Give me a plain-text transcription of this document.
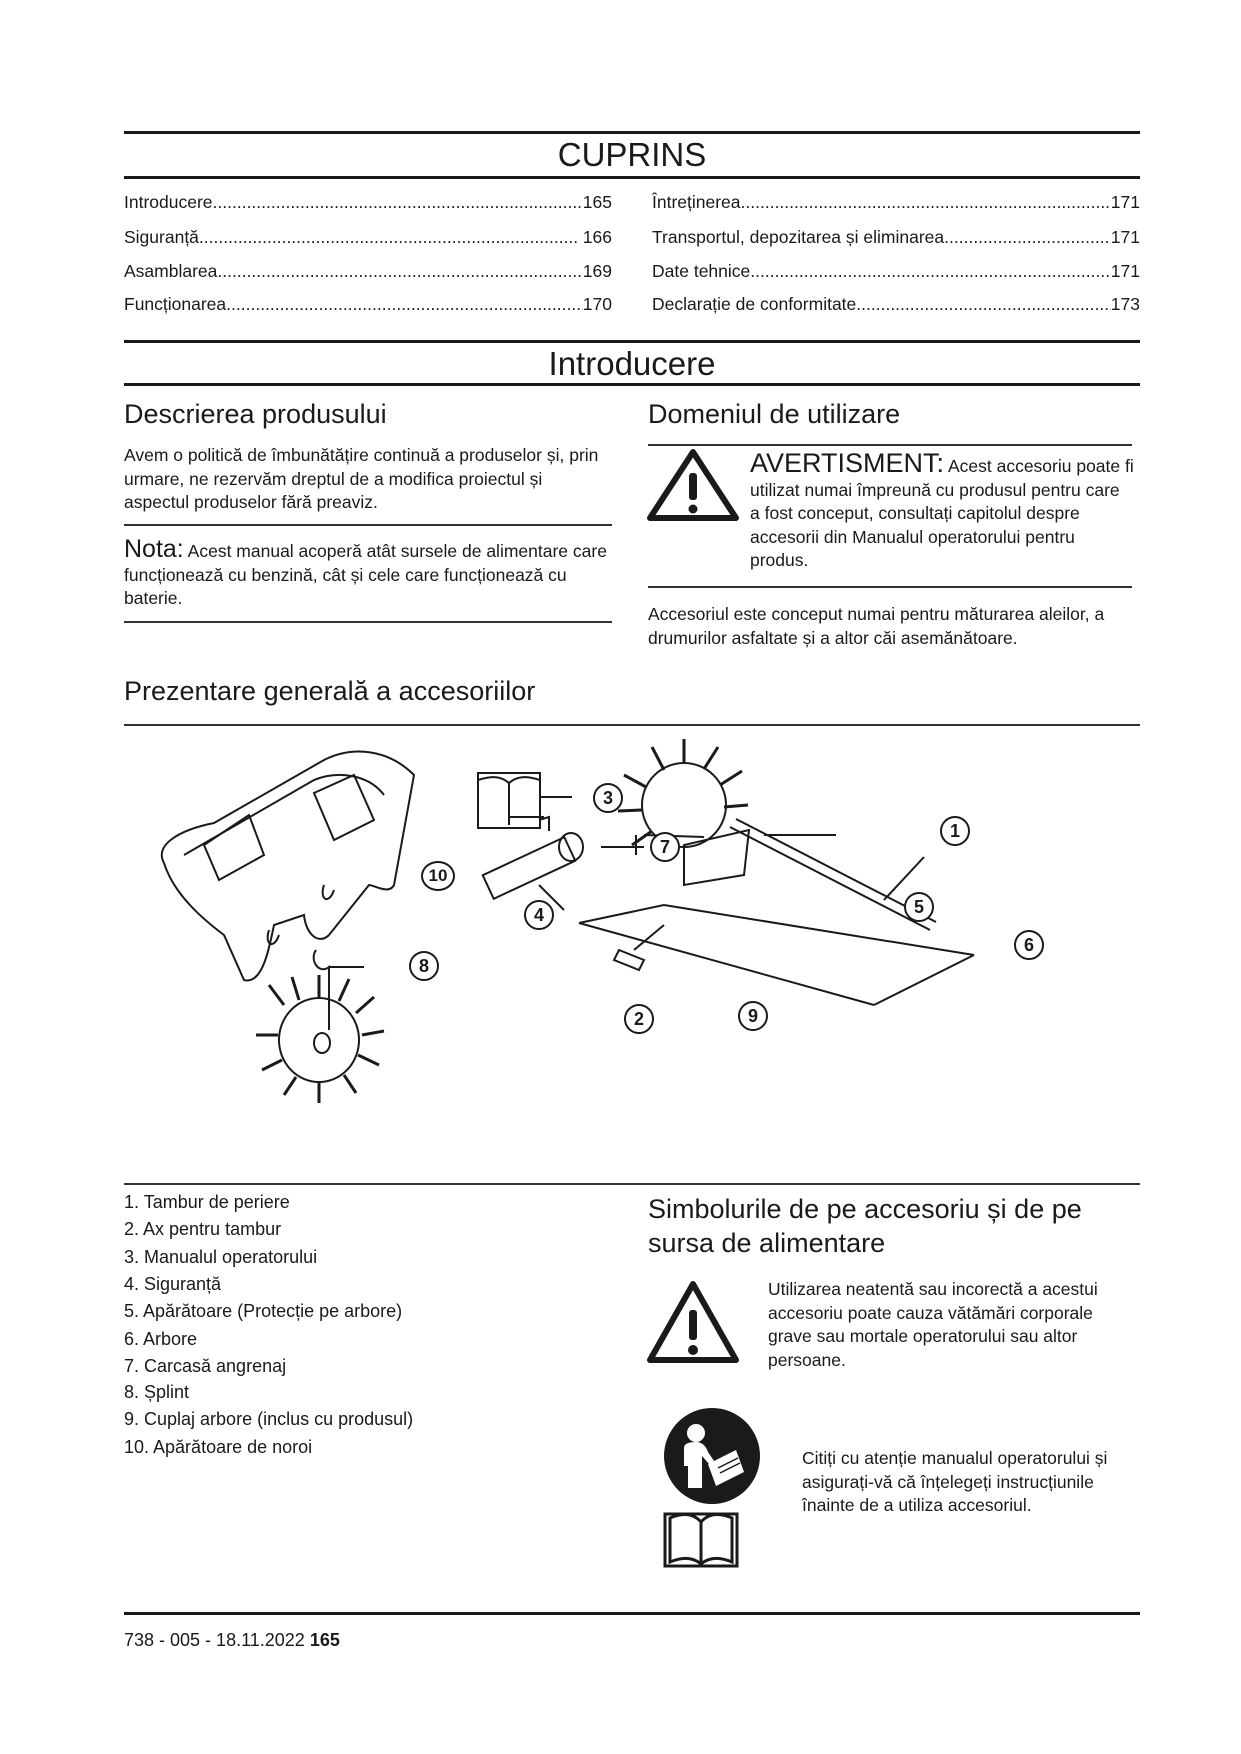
CUPRINS
Introducere .....	165
Siguranță .....	166
Asamblarea .....	169
Funcționarea .....	170
Întreținerea .....	171
Transportul, depozitarea și eliminarea .....	171
Date tehnice .....	171
Declarație de conformitate .....	173
Introducere
Descrierea produsului
Avem o politică de îmbunătățire continuă a produselor și, prin urmare, ne rezervăm dreptul de a modifica proiectul și aspectul produselor fără preaviz.
Nota: Acest manual acoperă atât sursele de alimentare care funcționează cu benzină, cât și cele care funcționează cu baterie.
Domeniul de utilizare
AVERTISMENT: Acest accesoriu poate fi utilizat numai împreună cu produsul pentru care a fost conceput, consultați capitolul despre accesorii din Manualul operatorului pentru produs.
Accesoriul este conceput numai pentru măturarea aleilor, a drumurilor asfaltate și a altor căi asemănătoare.
Prezentare generală a accesoriilor
1
2
3
4	5
6
7
8
9
10
1. Tambur de periere
2. Ax pentru tambur
3. Manualul operatorului
4. Siguranță
5. Apărătoare (Protecție pe arbore)
6. Arbore
7. Carcasă angrenaj
8. Șplint
9. Cuplaj arbore (inclus cu produsul)
10. Apărătoare de noroi
Simbolurile de pe accesoriu și de pe sursa de alimentare
Utilizarea neatentă sau incorectă a acestui accesoriu poate cauza vătămări corporale grave sau mortale operatorului sau altor persoane.
Citiți cu atenție manualul operatorului și asigurați-vă că înțelegeți instrucțiunile înainte de a utiliza accesoriul.
738 - 005 - 18.11.2022 165
